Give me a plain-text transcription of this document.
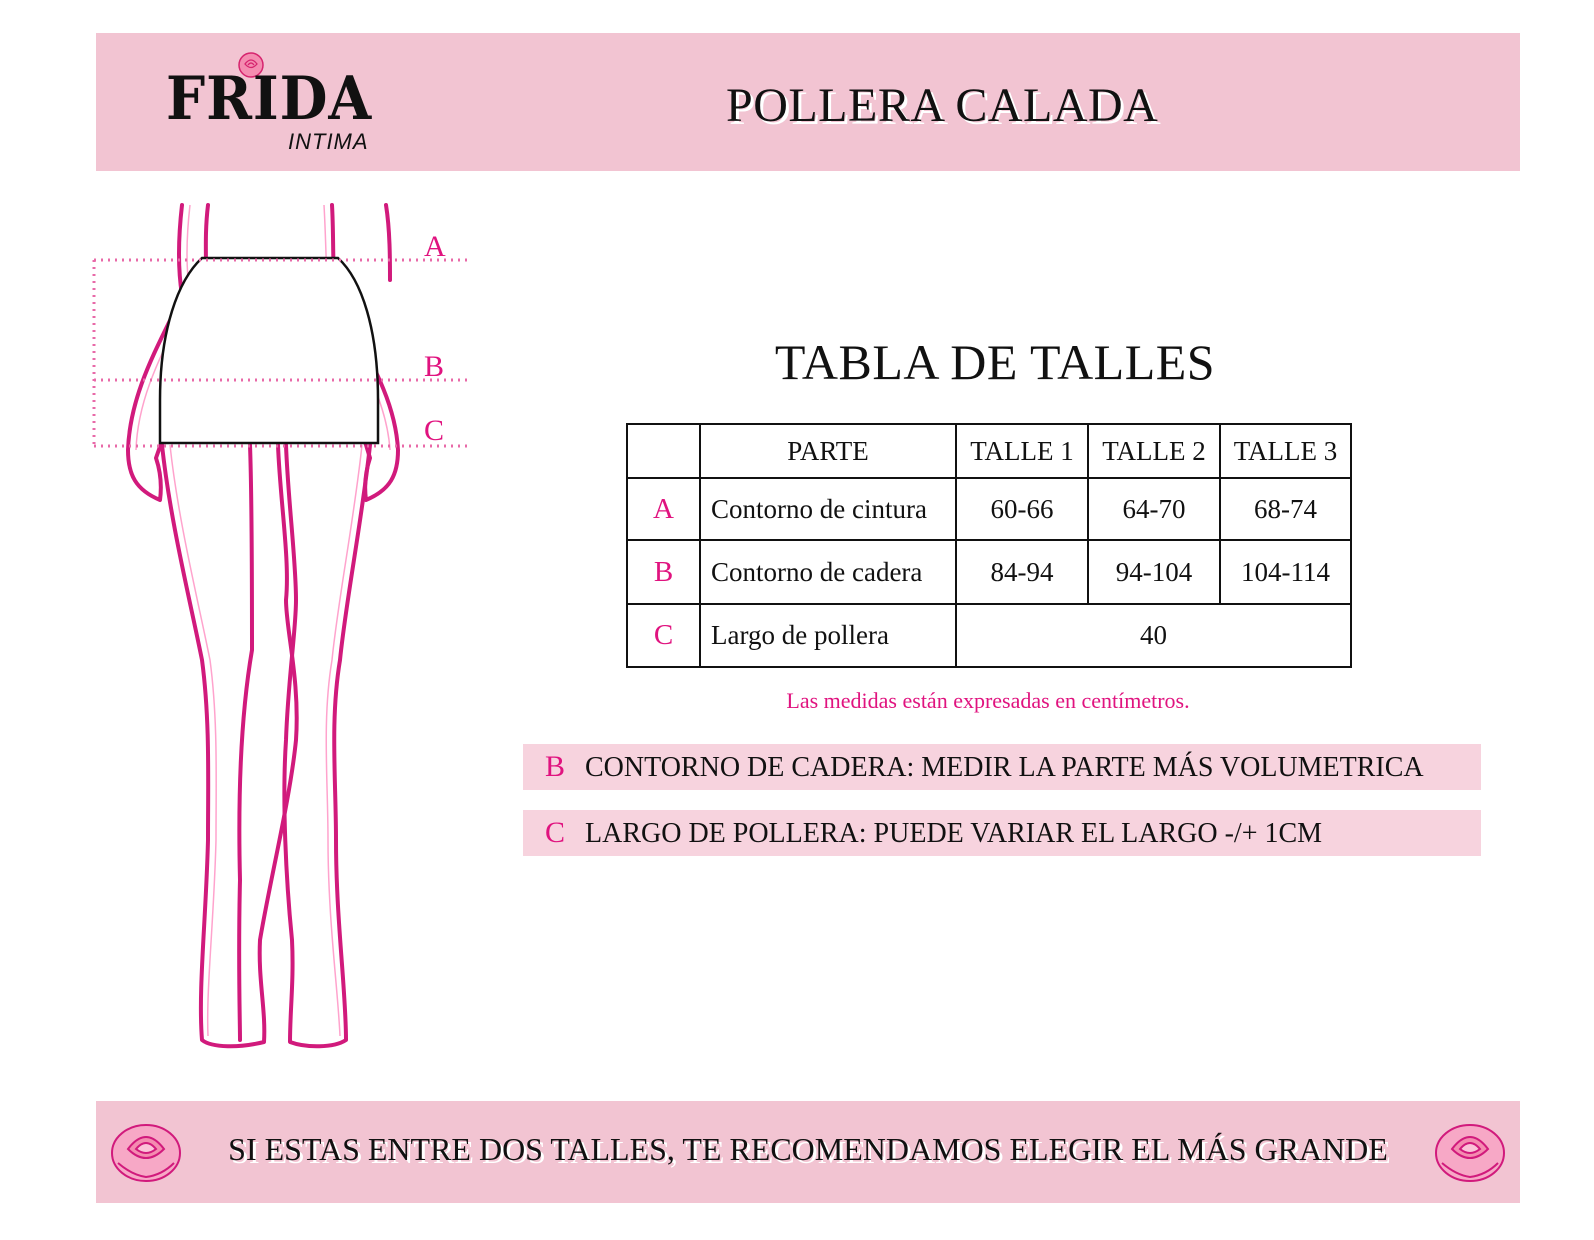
FRIDA
INTIMA
POLLERA CALADA
A
B
C
TABLA DE TALLES
	PARTE	TALLE 1	TALLE 2	TALLE 3
A	Contorno de cintura	60-66	64-70	68-74
B	Contorno de cadera	84-94	94-104	104-114
C	Largo de pollera	40		
Las medidas están expresadas en centímetros.
B CONTORNO DE CADERA: MEDIR LA PARTE MÁS VOLUMETRICA
C LARGO DE POLLERA: PUEDE VARIAR EL LARGO -/+ 1CM
SI ESTAS ENTRE DOS TALLES, TE RECOMENDAMOS ELEGIR EL MÁS GRANDE
